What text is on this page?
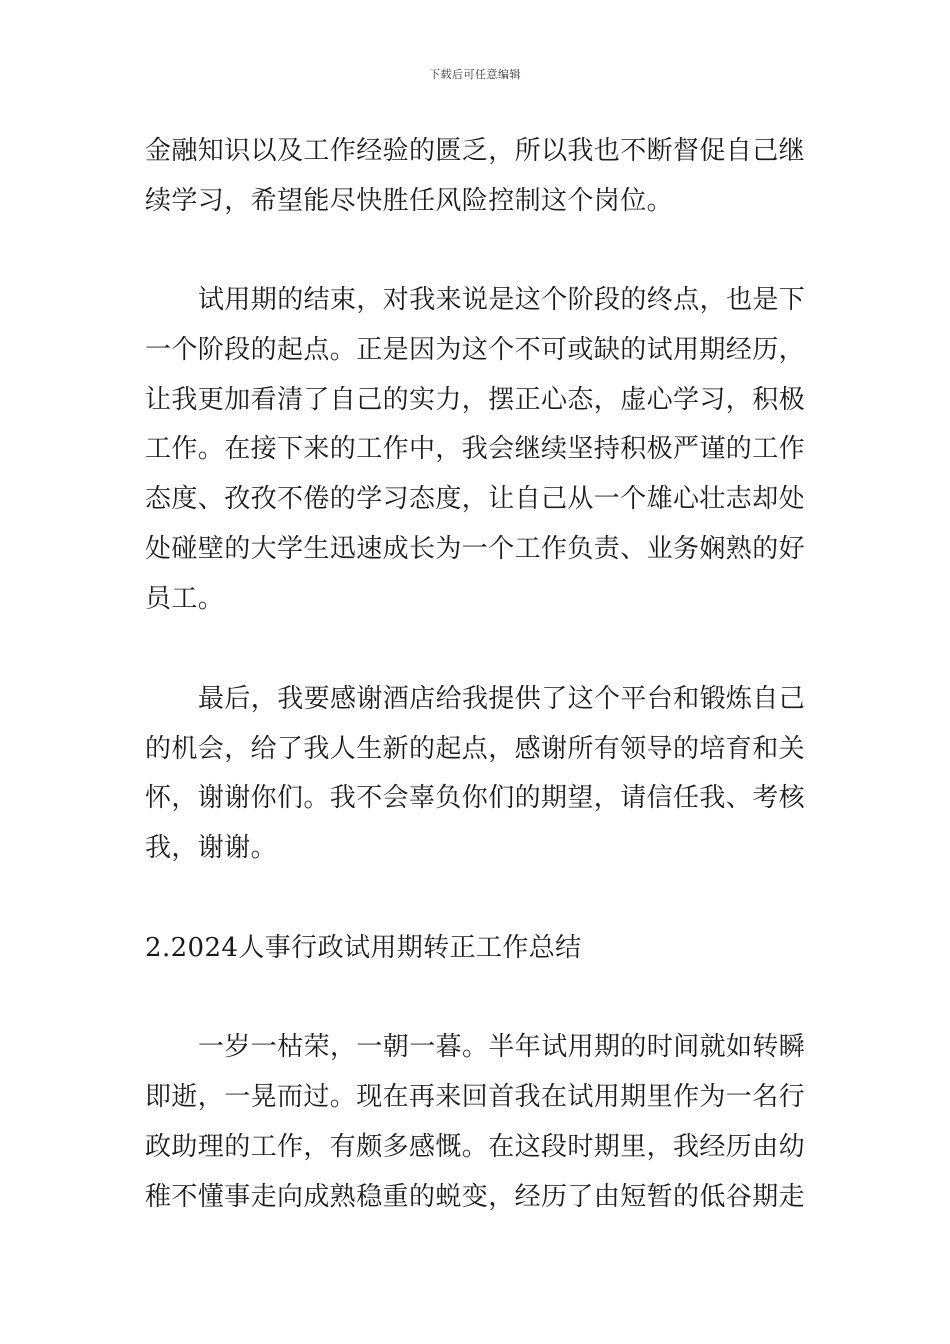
下载后可任意编辑
金融知识以及工作经验的匮乏，所以我也不断督促自己继
续学习，希望能尽快胜任风险控制这个岗位。
试用期的结束，对我来说是这个阶段的终点，也是下
一个阶段的起点。正是因为这个不可或缺的试用期经历，
让我更加看清了自己的实力，摆正心态，虚心学习，积极
工作。在接下来的工作中，我会继续坚持积极严谨的工作
态度、孜孜不倦的学习态度，让自己从一个雄心壮志却处
处碰壁的大学生迅速成长为一个工作负责、业务娴熟的好
员工。
最后，我要感谢酒店给我提供了这个平台和锻炼自己
的机会，给了我人生新的起点，感谢所有领导的培育和关
怀，谢谢你们。我不会辜负你们的期望，请信任我、考核
我，谢谢。
2.2024人事行政试用期转正工作总结
一岁一枯荣，一朝一暮。半年试用期的时间就如转瞬
即逝，一晃而过。现在再来回首我在试用期里作为一名行
政助理的工作，有颇多感慨。在这段时期里，我经历由幼
稚不懂事走向成熟稳重的蜕变，经历了由短暂的低谷期走
